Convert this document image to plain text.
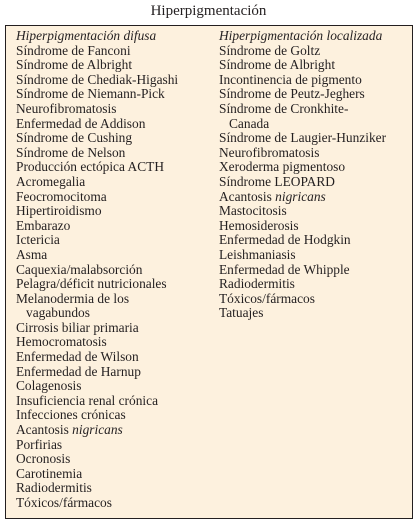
Hiperpigmentación
Hiperpigmentación difusa
Síndrome de Fanconi
Síndrome de Albright
Síndrome de Chediak-Higashi
Síndrome de Niemann-Pick
Neurofibromatosis
Enfermedad de Addison
Síndrome de Cushing
Síndrome de Nelson
Producción ectópica ACTH
Acromegalia
Feocromocitoma
Hipertiroidismo
Embarazo
Ictericia
Asma
Caquexia/malabsorción
Pelagra/déficit nutricionales
Melanodermia de los
vagabundos
Cirrosis biliar primaria
Hemocromatosis
Enfermedad de Wilson
Enfermedad de Harnup
Colagenosis
Insuficiencia renal crónica
Infecciones crónicas
Acantosis nigricans
Porfirias
Ocronosis
Carotinemia
Radiodermitis
Tóxicos/fármacos
Hiperpigmentación localizada
Síndrome de Goltz
Síndrome de Albright
Incontinencia de pigmento
Síndrome de Peutz-Jeghers
Síndrome de Cronkhite-
Canada
Síndrome de Laugier-Hunziker
Neurofibromatosis
Xeroderma pigmentoso
Síndrome LEOPARD
Acantosis nigricans
Mastocitosis
Hemosiderosis
Enfermedad de Hodgkin
Leishmaniasis
Enfermedad de Whipple
Radiodermitis
Tóxicos/fármacos
Tatuajes
